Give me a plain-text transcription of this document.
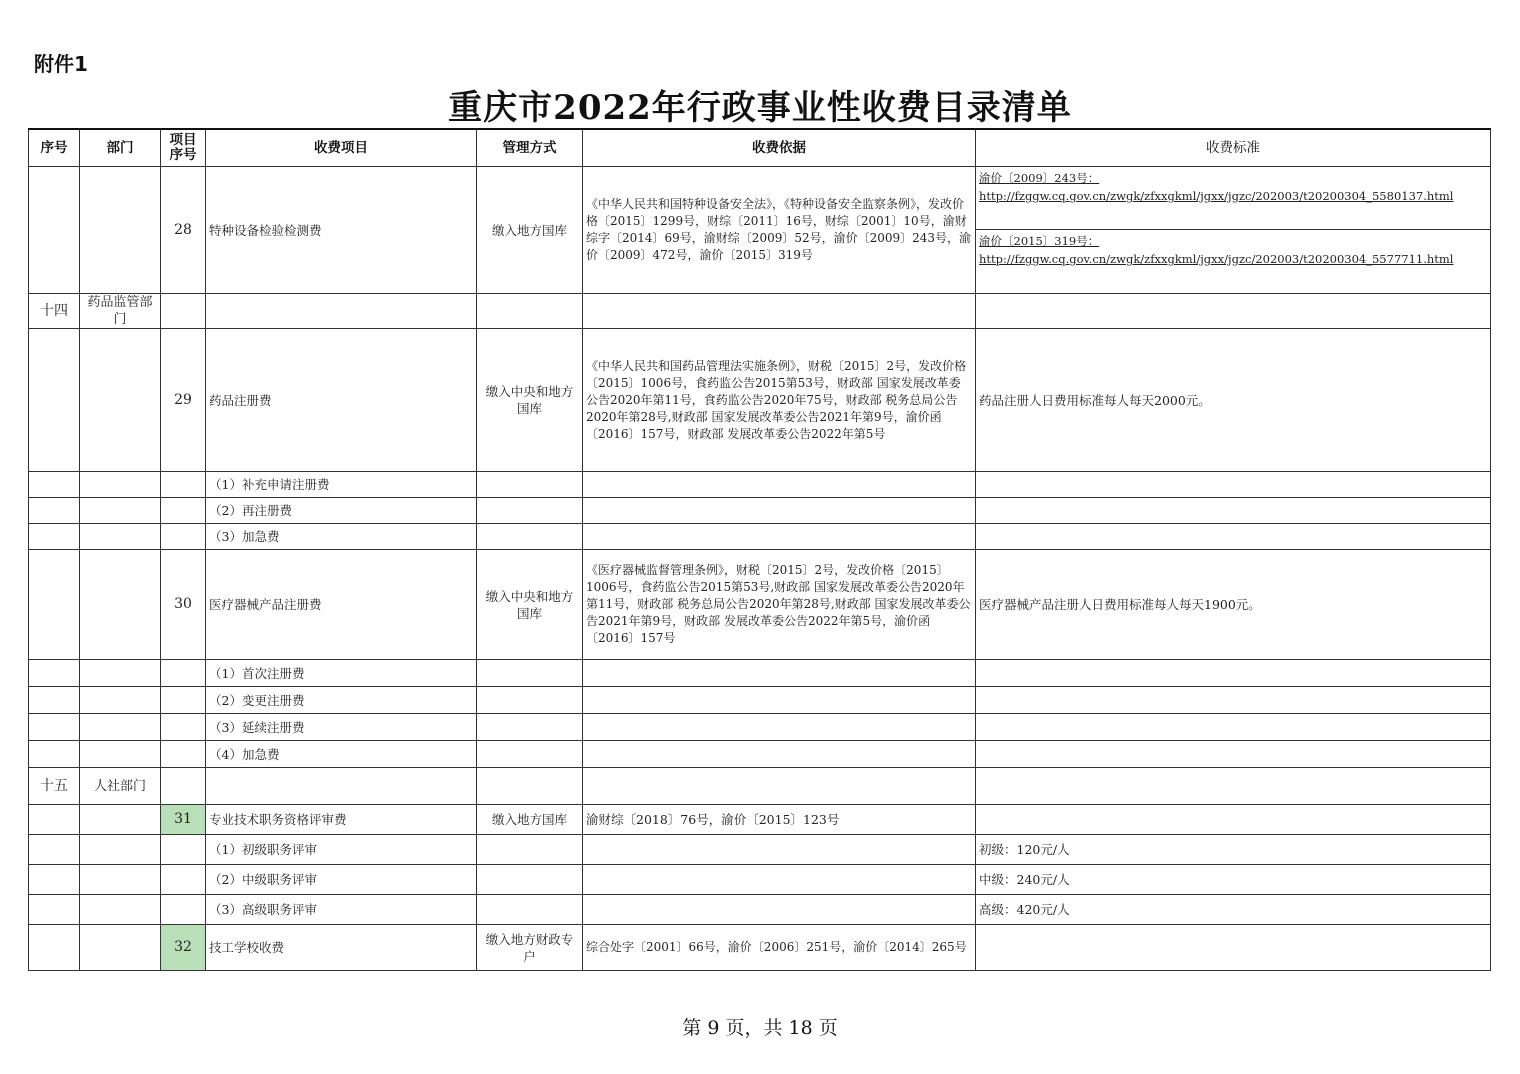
附件1
重庆市2022年行政事业性收费目录清单
序号	部门	项目序号	收费项目	管理方式	收费依据	收费标准
		28	特种设备检验检测费	缴入地方国库	《中华人民共和国特种设备安全法》，《特种设备安全监察条例》，发改价格〔2015〕1299号，财综〔2011〕16号，财综〔2001〕10号，渝财综字〔2014〕69号，渝财综〔2009〕52号，渝价〔2009〕243号，渝价〔2009〕472号，渝价〔2015〕319号	渝价〔2009〕243号：
http://fzggw.cq.gov.cn/zwgk/zfxxgkml/jgxx/jgzc/202003/t20200304_5580137.html
渝价〔2015〕319号：
http://fzggw.cq.gov.cn/zwgk/zfxxgkml/jgxx/jgzc/202003/t20200304_5577711.html

十四	药品监管部门					
		29	药品注册费	缴入中央和地方国库	《中华人民共和国药品管理法实施条例》，财税〔2015〕2号，发改价格〔2015〕1006号，食药监公告2015第53号，财政部 国家发展改革委公告2020年第11号，食药监公告2020年75号，财政部 税务总局公告2020年第28号,财政部 国家发展改革委公告2021年第9号，渝价函〔2016〕157号，财政部 发展改革委公告2022年第5号	药品注册人日费用标准每人每天2000元。
			（1）补充申请注册费			
			（2）再注册费			
			（3）加急费			
		30	医疗器械产品注册费	缴入中央和地方国库	《医疗器械监督管理条例》，财税〔2015〕2号，发改价格〔2015〕1006号，食药监公告2015第53号,财政部 国家发展改革委公告2020年第11号，财政部 税务总局公告2020年第28号,财政部 国家发展改革委公告2021年第9号，财政部 发展改革委公告2022年第5号，渝价函〔2016〕157号	医疗器械产品注册人日费用标准每人每天1900元。
			（1）首次注册费			
			（2）变更注册费			
			（3）延续注册费			
			（4）加急费			
十五	人社部门					
		31	专业技术职务资格评审费	缴入地方国库	渝财综〔2018〕76号，渝价〔2015〕123号	
			（1）初级职务评审			初级：120元/人
			（2）中级职务评审			中级：240元/人
			（3）高级职务评审			高级：420元/人
		32	技工学校收费	缴入地方财政专户	综合处字〔2001〕66号，渝价〔2006〕251号，渝价〔2014〕265号	
第 9 页，共 18 页
